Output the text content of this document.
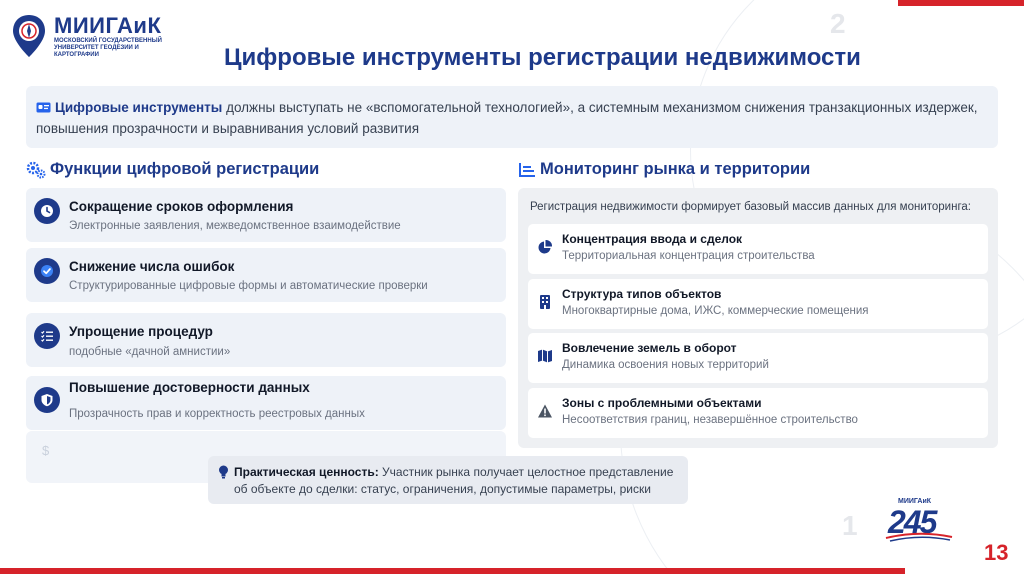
2
1
МИИГАиК
МОСКОВСКИЙ ГОСУДАРСТВЕННЫЙ УНИВЕРСИТЕТ ГЕОДЕЗИИ И КАРТОГРАФИИ	Цифровые инструменты регистрации недвижимости
Цифровые инструменты должны выступать не «вспомогательной технологией», а системным механизмом снижения транзакционных издержек, повышения прозрачности и выравнивания условий развития
Функции цифровой регистрации
Сокращение сроков оформления
Электронные заявления, межведомственное взаимодействие
Снижение числа ошибок
Структурированные цифровые формы и автоматические проверки
Упрощение процедур
подобные «дачной амнистии»
Повышение достоверности данных
Прозрачность прав и корректность реестровых данных
$
Мониторинг рынка и территории
Регистрация недвижимости формирует базовый массив данных для мониторинга:
Концентрация ввода и сделок
Территориальная концентрация строительства
Структура типов объектов
Многоквартирные дома, ИЖС, коммерческие помещения
Вовлечение земель в оборот
Динамика освоения новых территорий
Зоны с проблемными объектами
Несоответствия границ, незавершённое строительство
Практическая ценность: Участник рынка получает целостное представление об объекте до сделки: статус, ограничения, допустимые параметры, риски
МИИГАиК
245
13
